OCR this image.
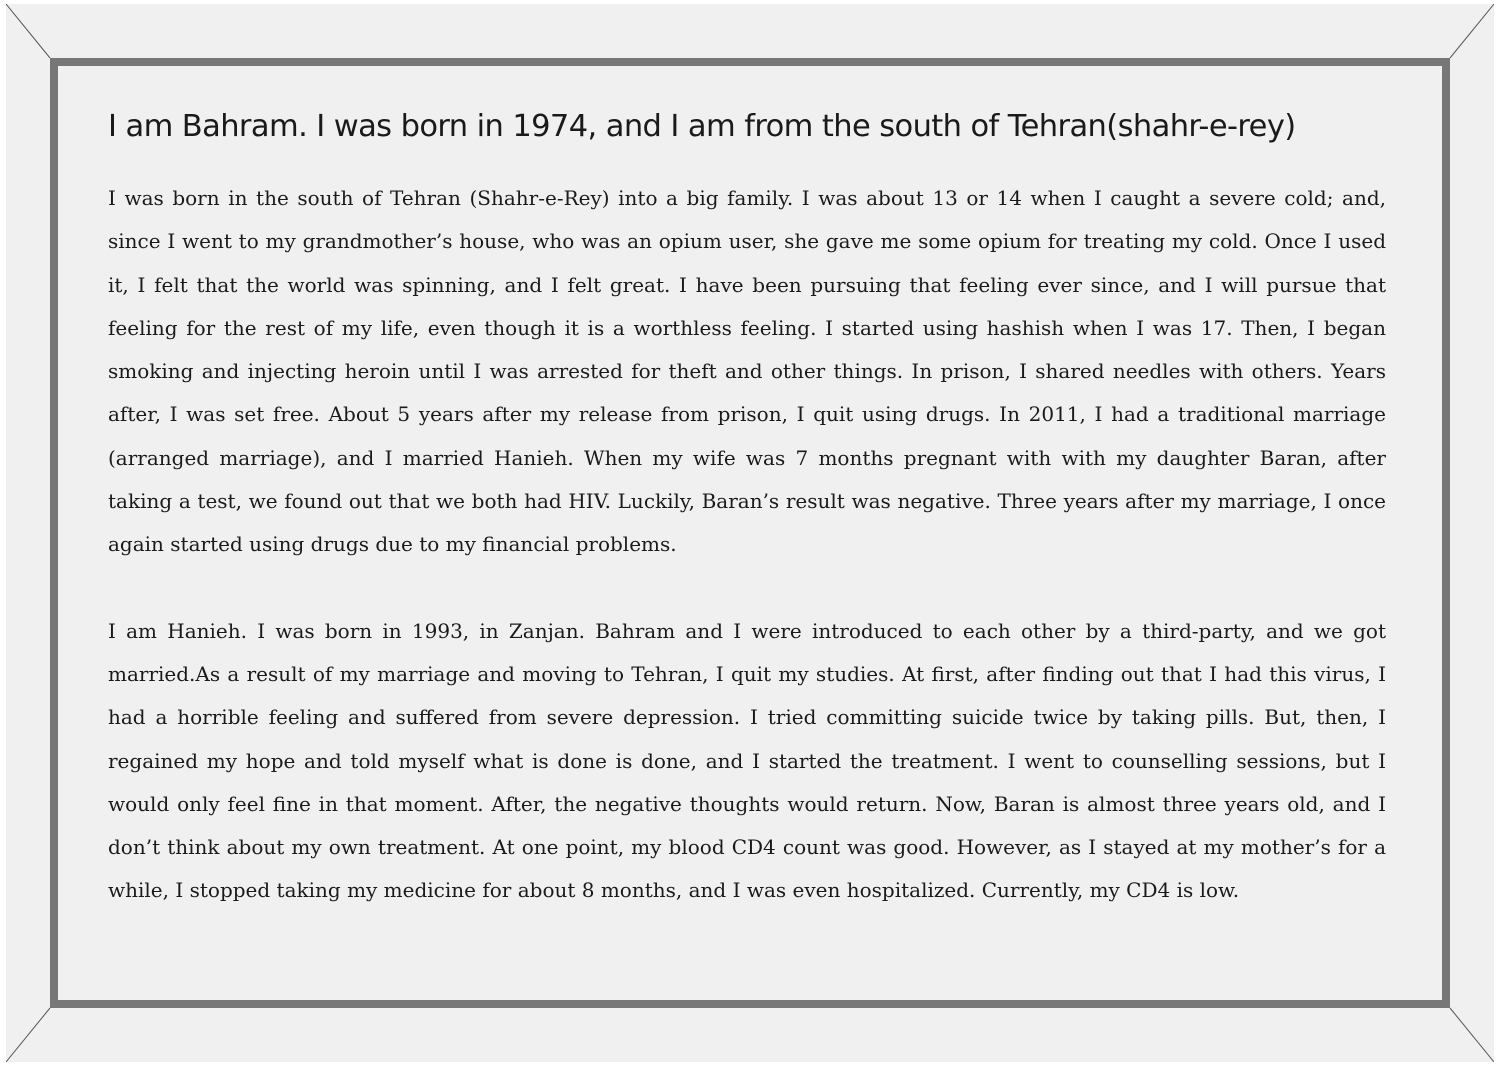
I am Bahram. I was born in 1974, and I am from the south of Tehran(shahr-e-rey)

I was born in the south of Tehran (Shahr-e-Rey) into a big family. I was about 13 or 14 when I caught a severe cold; and, since I went to my grandmother’s house, who was an opium user, she gave me some opium for treating my cold. Once I used it, I felt that the world was spinning, and I felt great. I have been pursuing that feeling ever since, and I will pursue that feeling for the rest of my life, even though it is a worthless feeling. I started using hashish when I was 17. Then, I began smoking and injecting heroin until I was arrested for theft and other things. In prison, I shared needles with others. Years after, I was set free. About 5 years after my release from prison, I quit using drugs. In 2011, I had a traditional marriage (arranged marriage), and I married Hanieh. When my wife was 7 months pregnant with with my daughter Baran, after taking a test, we found out that we both had HIV. Luckily, Baran’s result was negative. Three years after my marriage, I once again started using drugs due to my financial problems.

I am Hanieh. I was born in 1993, in Zanjan. Bahram and I were introduced to each other by a third-party, and we got married.As a result of my marriage and moving to Tehran, I quit my studies. At first, after finding out that I had this virus, I had a horrible feeling and suffered from severe depression. I tried committing suicide twice by taking pills. But, then, I regained my hope and told myself what is done is done, and I started the treatment. I went to counselling sessions, but I would only feel fine in that moment. After, the negative thoughts would return. Now, Baran is almost three years old, and I don’t think about my own treatment. At one point, my blood CD4 count was good. However, as I stayed at my mother’s for a while, I stopped taking my medicine for about 8 months, and I was even hospitalized. Currently, my CD4 is low.
